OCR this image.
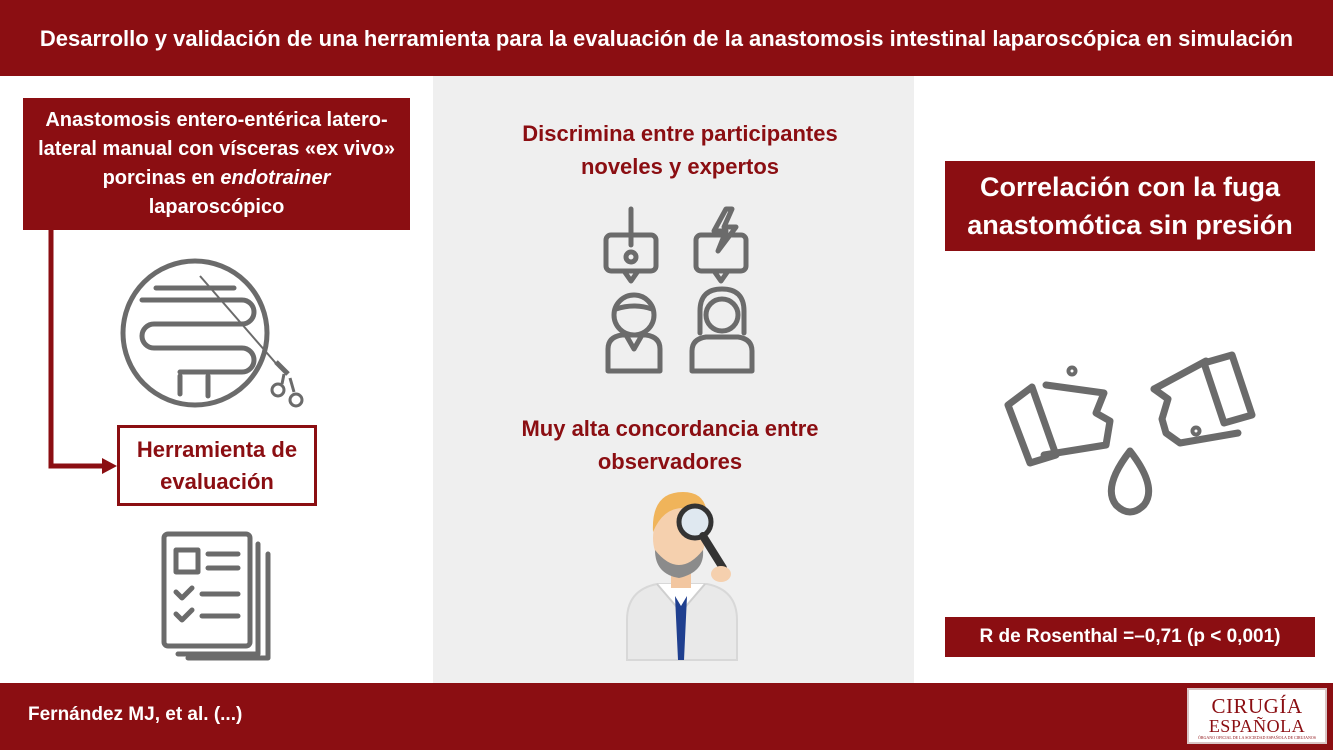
Desarrollo y validación de una herramienta para la evaluación de la anastomosis intestinal laparoscópica en simulación
Anastomosis entero-entérica latero-lateral manual con vísceras «ex vivo» porcinas en endotrainer laparoscópico
Herramienta de evaluación
Discrimina entre participantes noveles y expertos
Muy alta concordancia entre observadores
Correlación con la fuga anastomótica sin presión
R de Rosenthal =–0,71 (p < 0,001)
Fernández MJ, et al. (...)	CIRUGÍA
ESPAÑOLA
ÓRGANO OFICIAL DE LA SOCIEDAD ESPAÑOLA DE CIRUJANOS
